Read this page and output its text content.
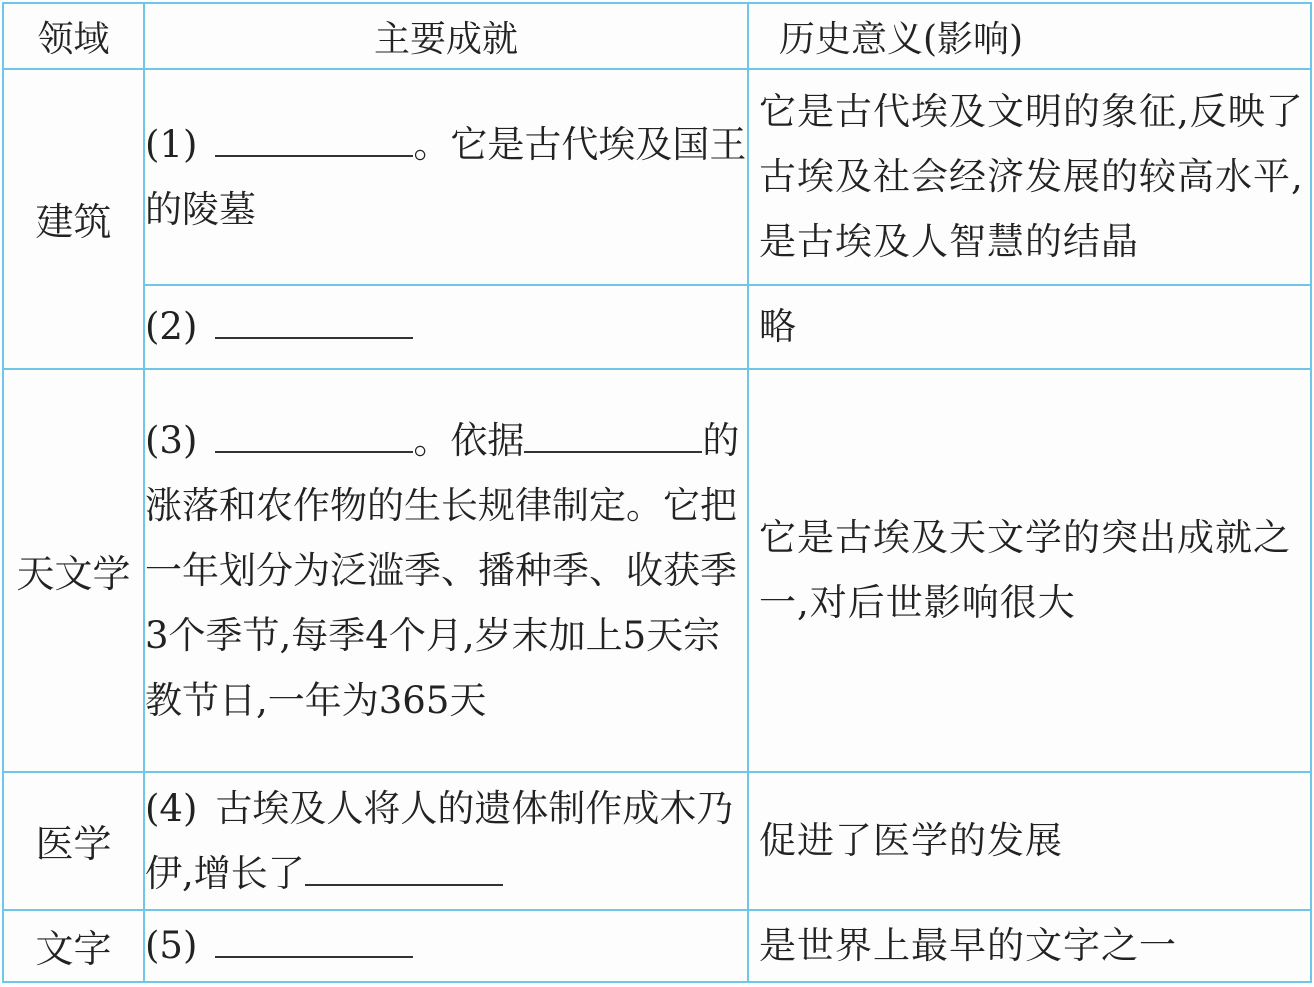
领域	主要成就	历史意义(影响)
建筑	(1) 。它是古代埃及国王的陵墓	它是古代埃及文明的象征,反映了古埃及社会经济发展的较高水平,是古埃及人智慧的结晶
	(2)	略
天文学	(3) 。依据 的涨落和农作物的生长规律制定。它把一年划分为泛滥季、播种季、收获季3个季节,每季4个月,岁末加上5天宗教节日,一年为365天	它是古埃及天文学的突出成就之一,对后世影响很大
医学	(4) 古埃及人将人的遗体制作成木乃伊,增长了	促进了医学的发展
文字	(5)	是世界上最早的文字之一
